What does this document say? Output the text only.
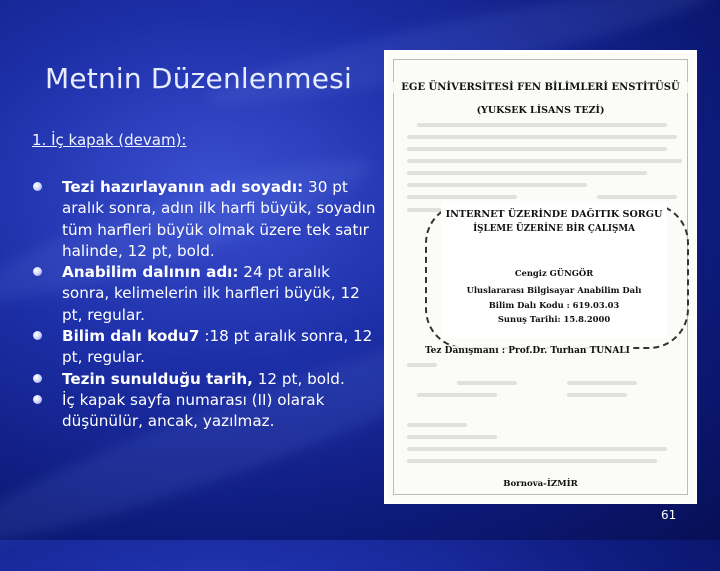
Metnin Düzenlenmesi
1. İç kapak (devam):
Tezi hazırlayanın adı soyadı: 30 pt aralık sonra, adın ilk harfi büyük, soyadın tüm harfleri büyük olmak üzere tek satır halinde, 12 pt, bold.
Anabilim dalının adı: 24 pt aralık sonra, kelimelerin ilk harfleri büyük, 12 pt, regular.
Bilim dalı kodu7 :18 pt aralık sonra, 12 pt, regular.
Tezin sunulduğu tarih, 12 pt, bold.
İç kapak sayfa numarası (II) olarak düşünülür, ancak, yazılmaz.
EGE ÜNİVERSİTESİ FEN BİLİMLERİ ENSTİTÜSÜ
(YUKSEK LİSANS TEZİ)
INTERNET ÜZERİNDE DAĞITIK SORGU
İŞLEME ÜZERİNE BİR ÇALIŞMA
Cengiz GÜNGÖR
Uluslararası Bilgisayar Anabilim Dalı
Bilim Dalı Kodu : 619.03.03
Sunuş Tarihi: 15.8.2000
Tez Danışmanı : Prof.Dr. Turhan TUNALI
Bornova-İZMİR
61
